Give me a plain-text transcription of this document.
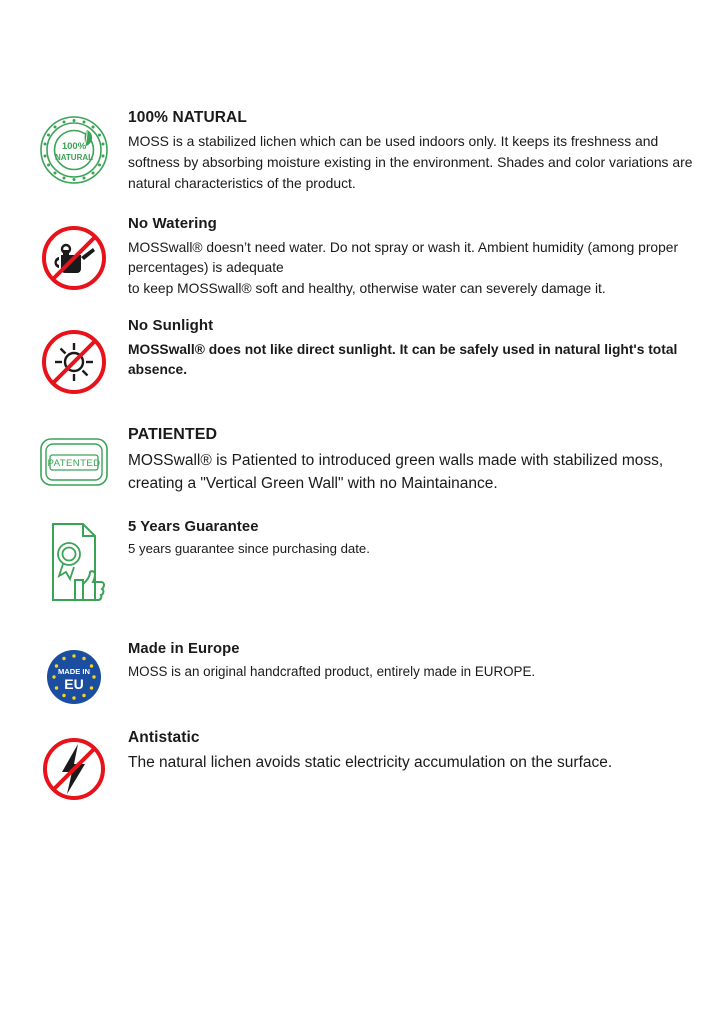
100%
NATURAL

100% NATURAL

MOSS is a stabilized lichen which can be used indoors only. It keeps its freshness and softness by absorbing moisture existing in the environment. Shades and color variations are natural characteristics of the product.

No Watering

MOSSwall® doesn’t need water. Do not spray or wash it. Ambient humidity (among proper percentages) is adequate

to keep MOSSwall® soft and healthy, otherwise water can severely damage it.

No Sunlight

MOSSwall® does not like direct sunlight. It can be safely used in natural light's total absence.

PATENTED

PATIENTED

MOSSwall® is Patiented to introduced green walls made with stabilized moss, creating a "Vertical Green Wall" with no Maintainance.

5 Years Guarantee

5 years guarantee since purchasing date.

MADE IN
EU

Made in Europe

MOSS is an original handcrafted product, entirely made in EUROPE.

Antistatic

The natural lichen avoids static electricity accumulation on the surface.
